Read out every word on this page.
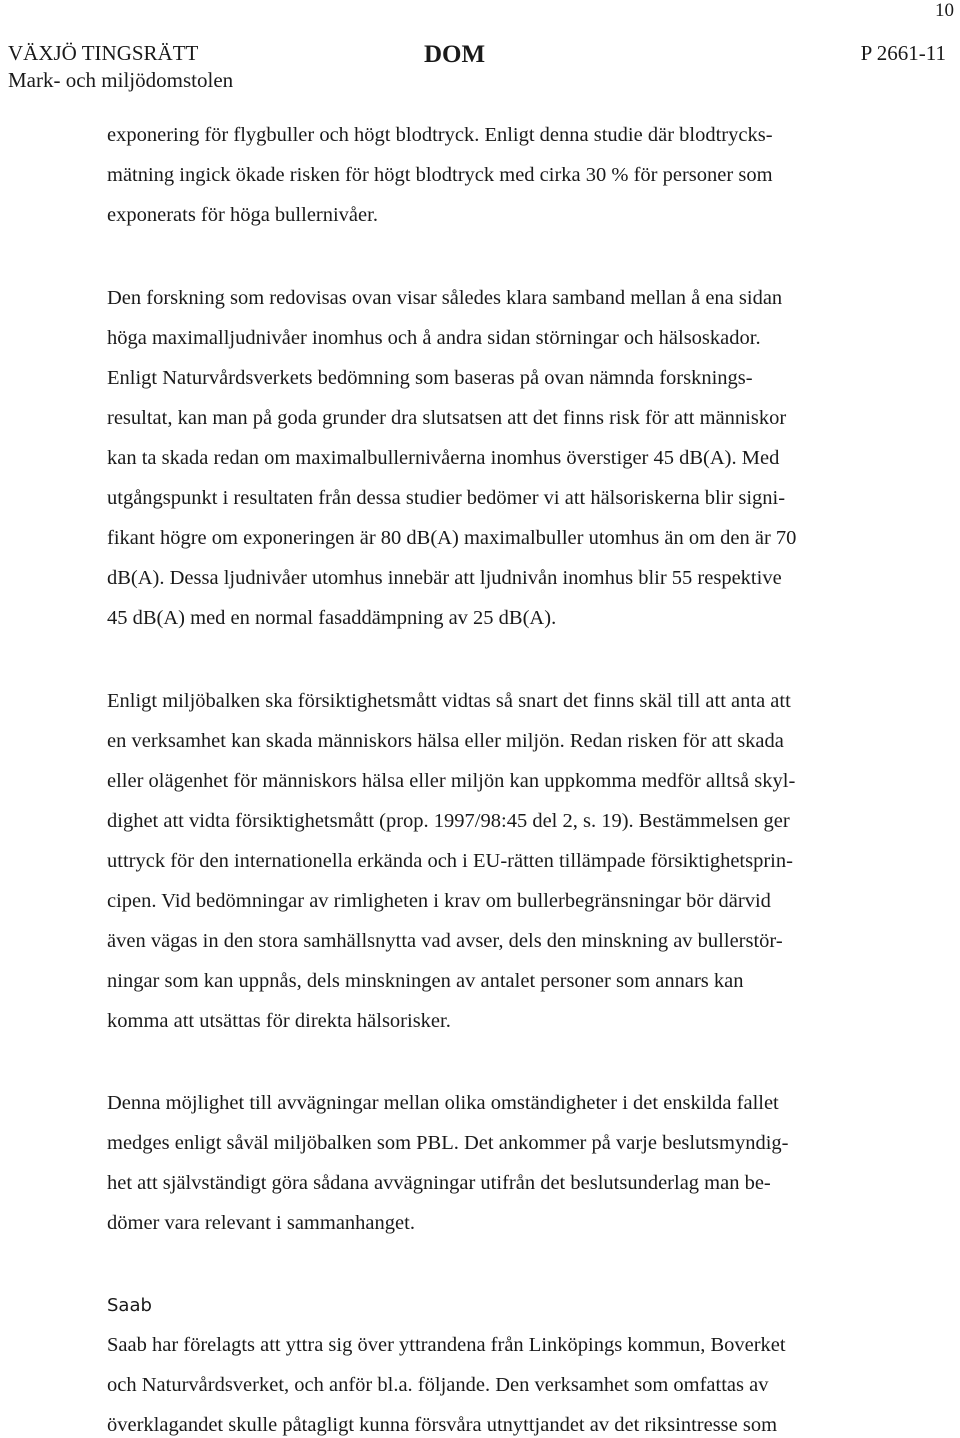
10
VÄXJÖ TINGSRÄTT
Mark- och miljödomstolen
DOM	P 2661-11
exponering för flygbuller och högt blodtryck. Enligt denna studie där blodtrycks-
mätning ingick ökade risken för högt blodtryck med cirka 30 % för personer som
exponerats för höga bullernivåer.
Den forskning som redovisas ovan visar således klara samband mellan å ena sidan
höga maximalljudnivåer inomhus och å andra sidan störningar och hälsoskador.
Enligt Naturvårdsverkets bedömning som baseras på ovan nämnda forsknings-
resultat, kan man på goda grunder dra slutsatsen att det finns risk för att människor
kan ta skada redan om maximalbullernivåerna inomhus överstiger 45 dB(A). Med
utgångspunkt i resultaten från dessa studier bedömer vi att hälsoriskerna blir signi-
fikant högre om exponeringen är 80 dB(A) maximalbuller utomhus än om den är 70
dB(A). Dessa ljudnivåer utomhus innebär att ljudnivån inomhus blir 55 respektive
45 dB(A) med en normal fasaddämpning av 25 dB(A).
Enligt miljöbalken ska försiktighetsmått vidtas så snart det finns skäl till att anta att
en verksamhet kan skada människors hälsa eller miljön. Redan risken för att skada
eller olägenhet för människors hälsa eller miljön kan uppkomma medför alltså skyl-
dighet att vidta försiktighetsmått (prop. 1997/98:45 del 2, s. 19). Bestämmelsen ger
uttryck för den internationella erkända och i EU-rätten tillämpade försiktighetsprin-
cipen. Vid bedömningar av rimligheten i krav om bullerbegränsningar bör därvid
även vägas in den stora samhällsnytta vad avser, dels den minskning av bullerstör-
ningar som kan uppnås, dels minskningen av antalet personer som annars kan
komma att utsättas för direkta hälsorisker.
Denna möjlighet till avvägningar mellan olika omständigheter i det enskilda fallet
medges enligt såväl miljöbalken som PBL. Det ankommer på varje beslutsmyndig-
het att självständigt göra sådana avvägningar utifrån det beslutsunderlag man be-
dömer vara relevant i sammanhanget.
Saab
Saab har förelagts att yttra sig över yttrandena från Linköpings kommun, Boverket
och Naturvårdsverket, och anför bl.a. följande. Den verksamhet som omfattas av
överklagandet skulle påtagligt kunna försvåra utnyttjandet av det riksintresse som
